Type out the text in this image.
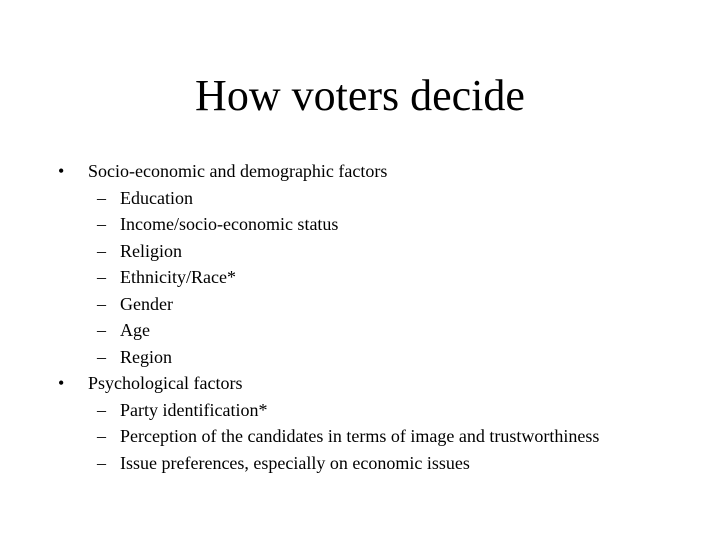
How voters decide
•	Socio-economic and demographic factors
– Education
– Income/socio-economic status
– Religion
– Ethnicity/Race*
– Gender
– Age
– Region
•	Psychological factors
– Party identification*
– Perception of the candidates in terms of image and trustworthiness
– Issue preferences, especially on economic issues
